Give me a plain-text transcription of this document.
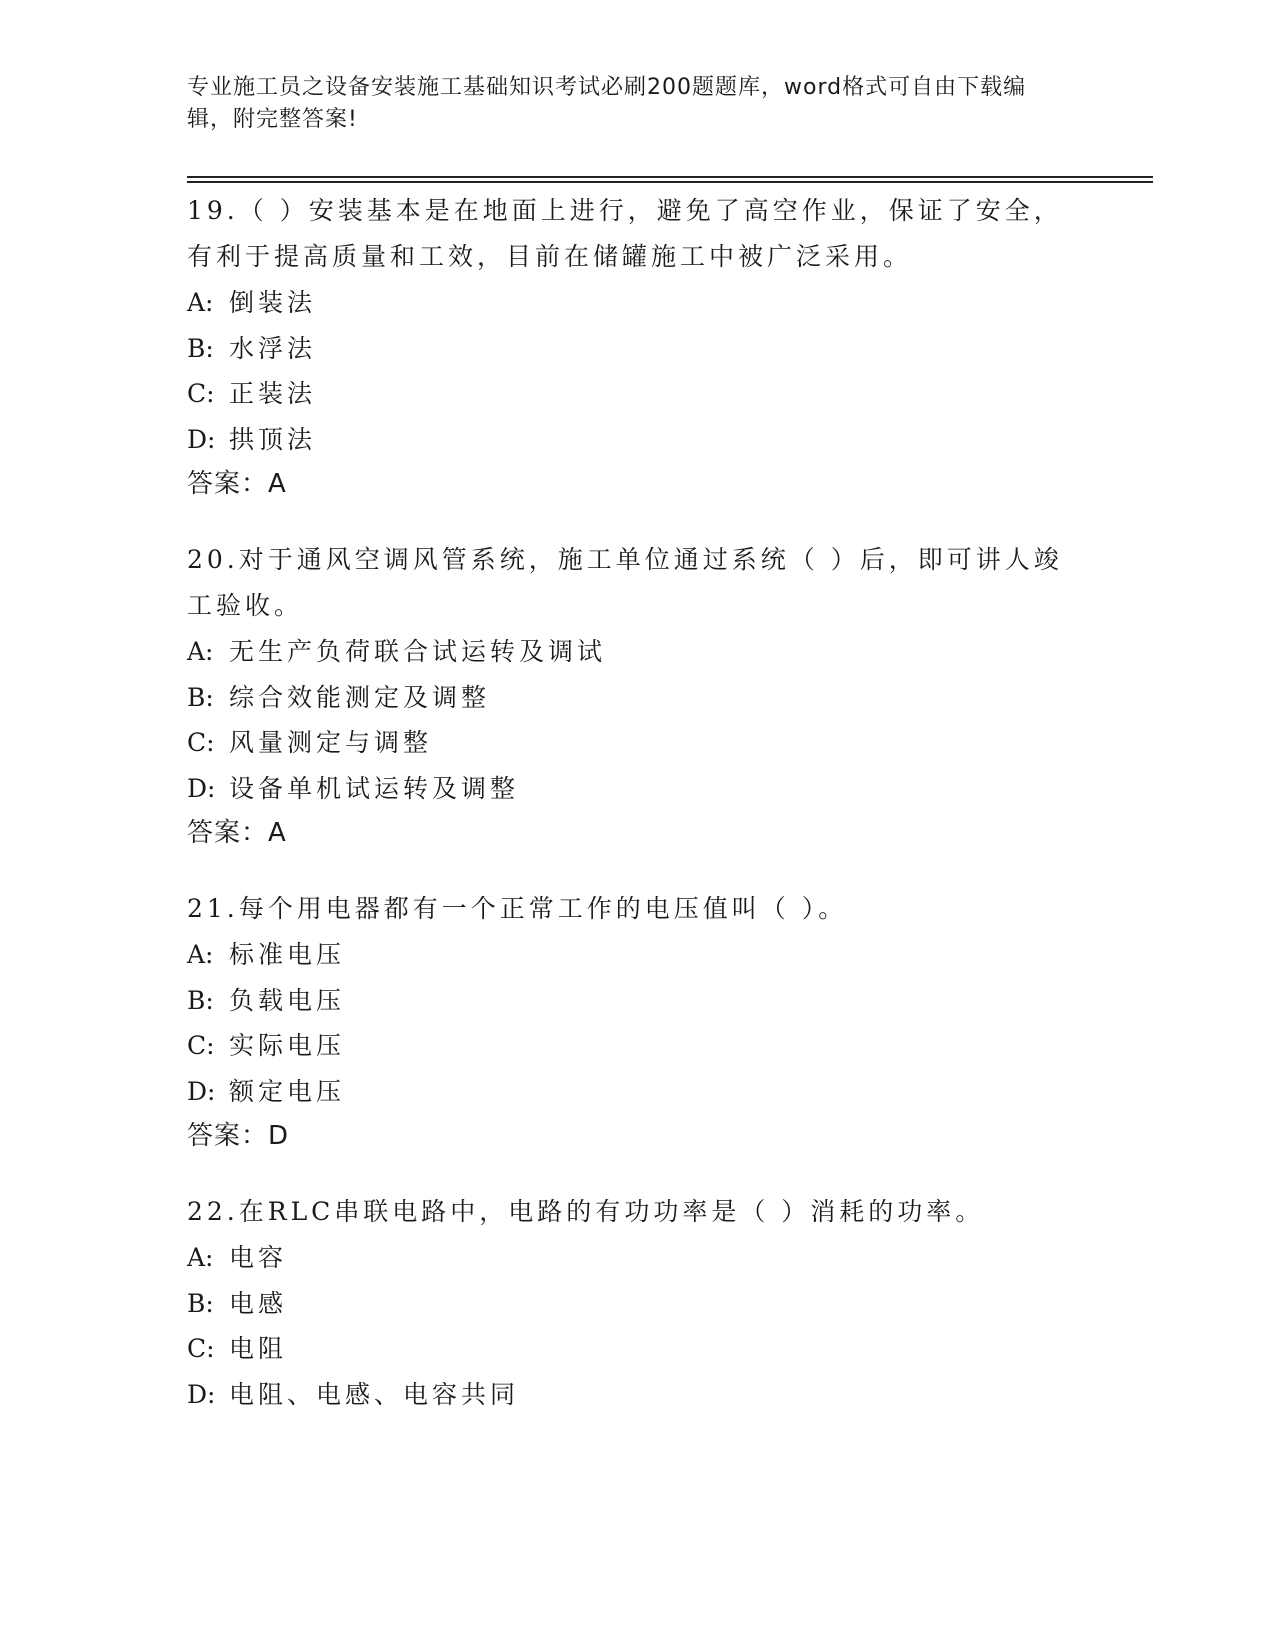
专业施工员之设备安装施工基础知识考试必刷200题题库，word格式可自由下载编辑，附完整答案!

19.（ ）安装基本是在地面上进行，避免了高空作业，保证了安全，有利于提高质量和工效，目前在储罐施工中被广泛采用。

A: 倒装法

B: 水浮法

C: 正装法

D: 拱顶法

答案：A

20.对于通风空调风管系统，施工单位通过系统（ ）后，即可讲人竣工验收。

A: 无生产负荷联合试运转及调试

B: 综合效能测定及调整

C: 风量测定与调整

D: 设备单机试运转及调整

答案：A

21.每个用电器都有一个正常工作的电压值叫（ ）。

A: 标准电压

B: 负载电压

C: 实际电压

D: 额定电压

答案：D

22.在RLC串联电路中，电路的有功功率是（ ）消耗的功率。

A: 电容

B: 电感

C: 电阻

D: 电阻、电感、电容共同
